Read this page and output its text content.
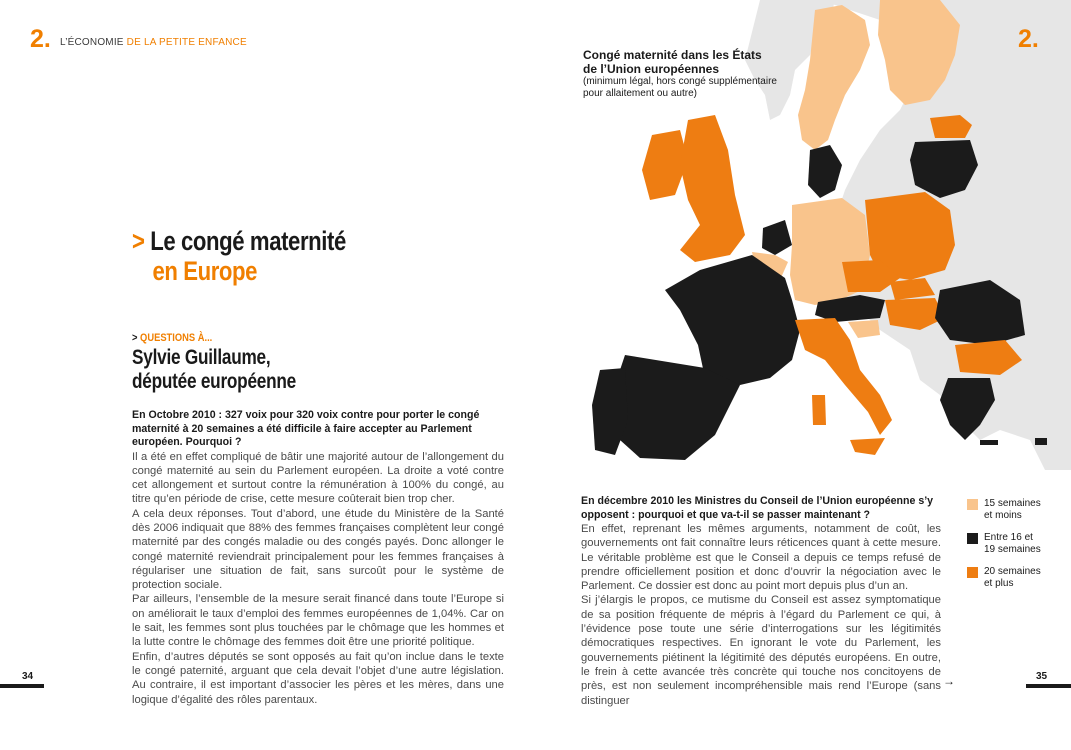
2. L’ÉCONOMIE DE LA PETITE ENFANCE
> Le congé maternité
en Europe
> QUESTIONS À...
Sylvie Guillaume,
députée européenne
En Octobre 2010 : 327 voix pour 320 voix contre pour porter le congé maternité à 20 semaines a été difficile à faire accepter au Parlement européen. Pourquoi ?

Il a été en effet compliqué de bâtir une majorité autour de l’allongement du congé maternité au sein du Parlement européen. La droite a voté contre cet allongement et surtout contre la rémunération à 100% du congé, au titre qu’en période de crise, cette mesure coûterait bien trop cher.

A cela deux réponses. Tout d’abord, une étude du Ministère de la Santé dès 2006 indiquait que 88% des femmes françaises complètent leur congé maternité par des congés maladie ou des congés payés. Donc allonger le congé maternité reviendrait principalement pour les femmes françaises à régulariser une situation de fait, sans surcoût pour le système de protection sociale.

Par ailleurs, l’ensemble de la mesure serait financé dans toute l’Europe si on améliorait le taux d’emploi des femmes européennes de 1,04%. Car on le sait, les femmes sont plus touchées par le chômage que les hommes et la lutte contre le chômage des femmes doit être une priorité politique.

Enfin, d’autres députés se sont opposés au fait qu’on inclue dans le texte le congé paternité, arguant que cela devait l’objet d’une autre législation. Au contraire, il est important d’associer les pères et les mères, dans une logique d’égalité des rôles parentaux.

34
2.
Congé maternité dans les États
de l’Union européennes
(minimum légal, hors congé supplémentaire
pour allaitement ou autre)
En décembre 2010 les Ministres du Conseil de l’Union européenne s’y opposent : pourquoi et que va-t-il se passer maintenant ?

En effet, reprenant les mêmes arguments, notamment de coût, les gouvernements ont fait connaître leurs réticences quant à cette mesure. Le véritable problème est que le Conseil a depuis ce temps refusé de prendre officiellement position et donc d’ouvrir la négociation avec le Parlement. Ce dossier est donc au point mort depuis plus d’un an.

Si j’élargis le propos, ce mutisme du Conseil est assez symptomatique de sa position fréquente de mépris à l’égard du Parlement ce qui, à l’évidence pose toute une série d’interrogations sur les légitimités démocratiques respectives. En ignorant le vote du Parlement, les gouvernements piétinent la légitimité des députés européens. En outre, le frein à cette avancée très concrète qui touche nos concitoyens de près, est non seulement incompréhensible mais rend l’Europe (sans distinguer

→
15 semaines
et moins
Entre 16 et
19 semaines
20 semaines
et plus
35
